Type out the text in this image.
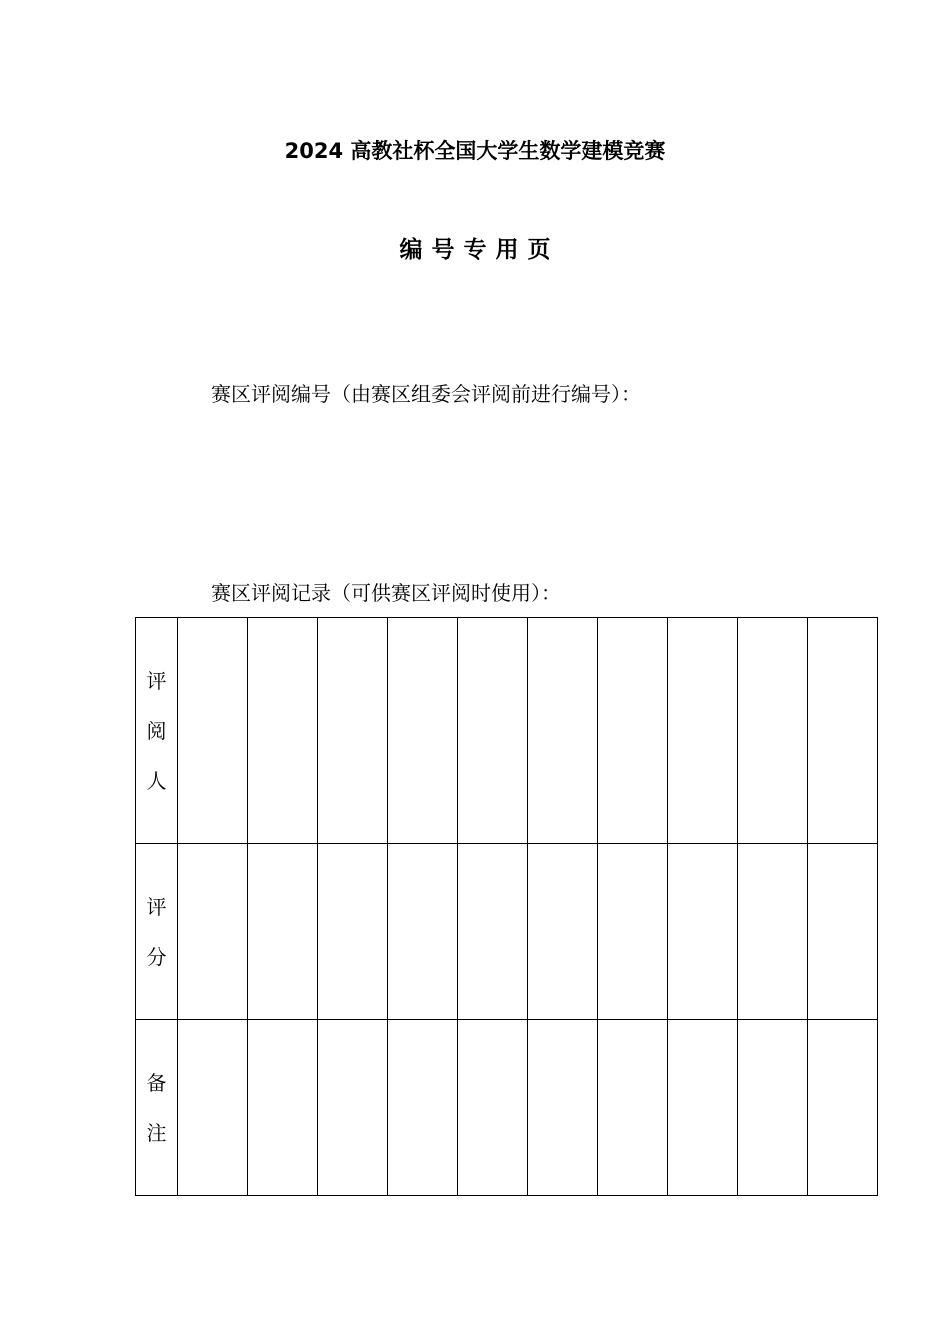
2024 高教社杯全国大学生数学建模竞赛
编号专用页
赛区评阅编号（由赛区组委会评阅前进行编号）：
赛区评阅记录（可供赛区评阅时使用）：
评阅人										
评分										
备注										
